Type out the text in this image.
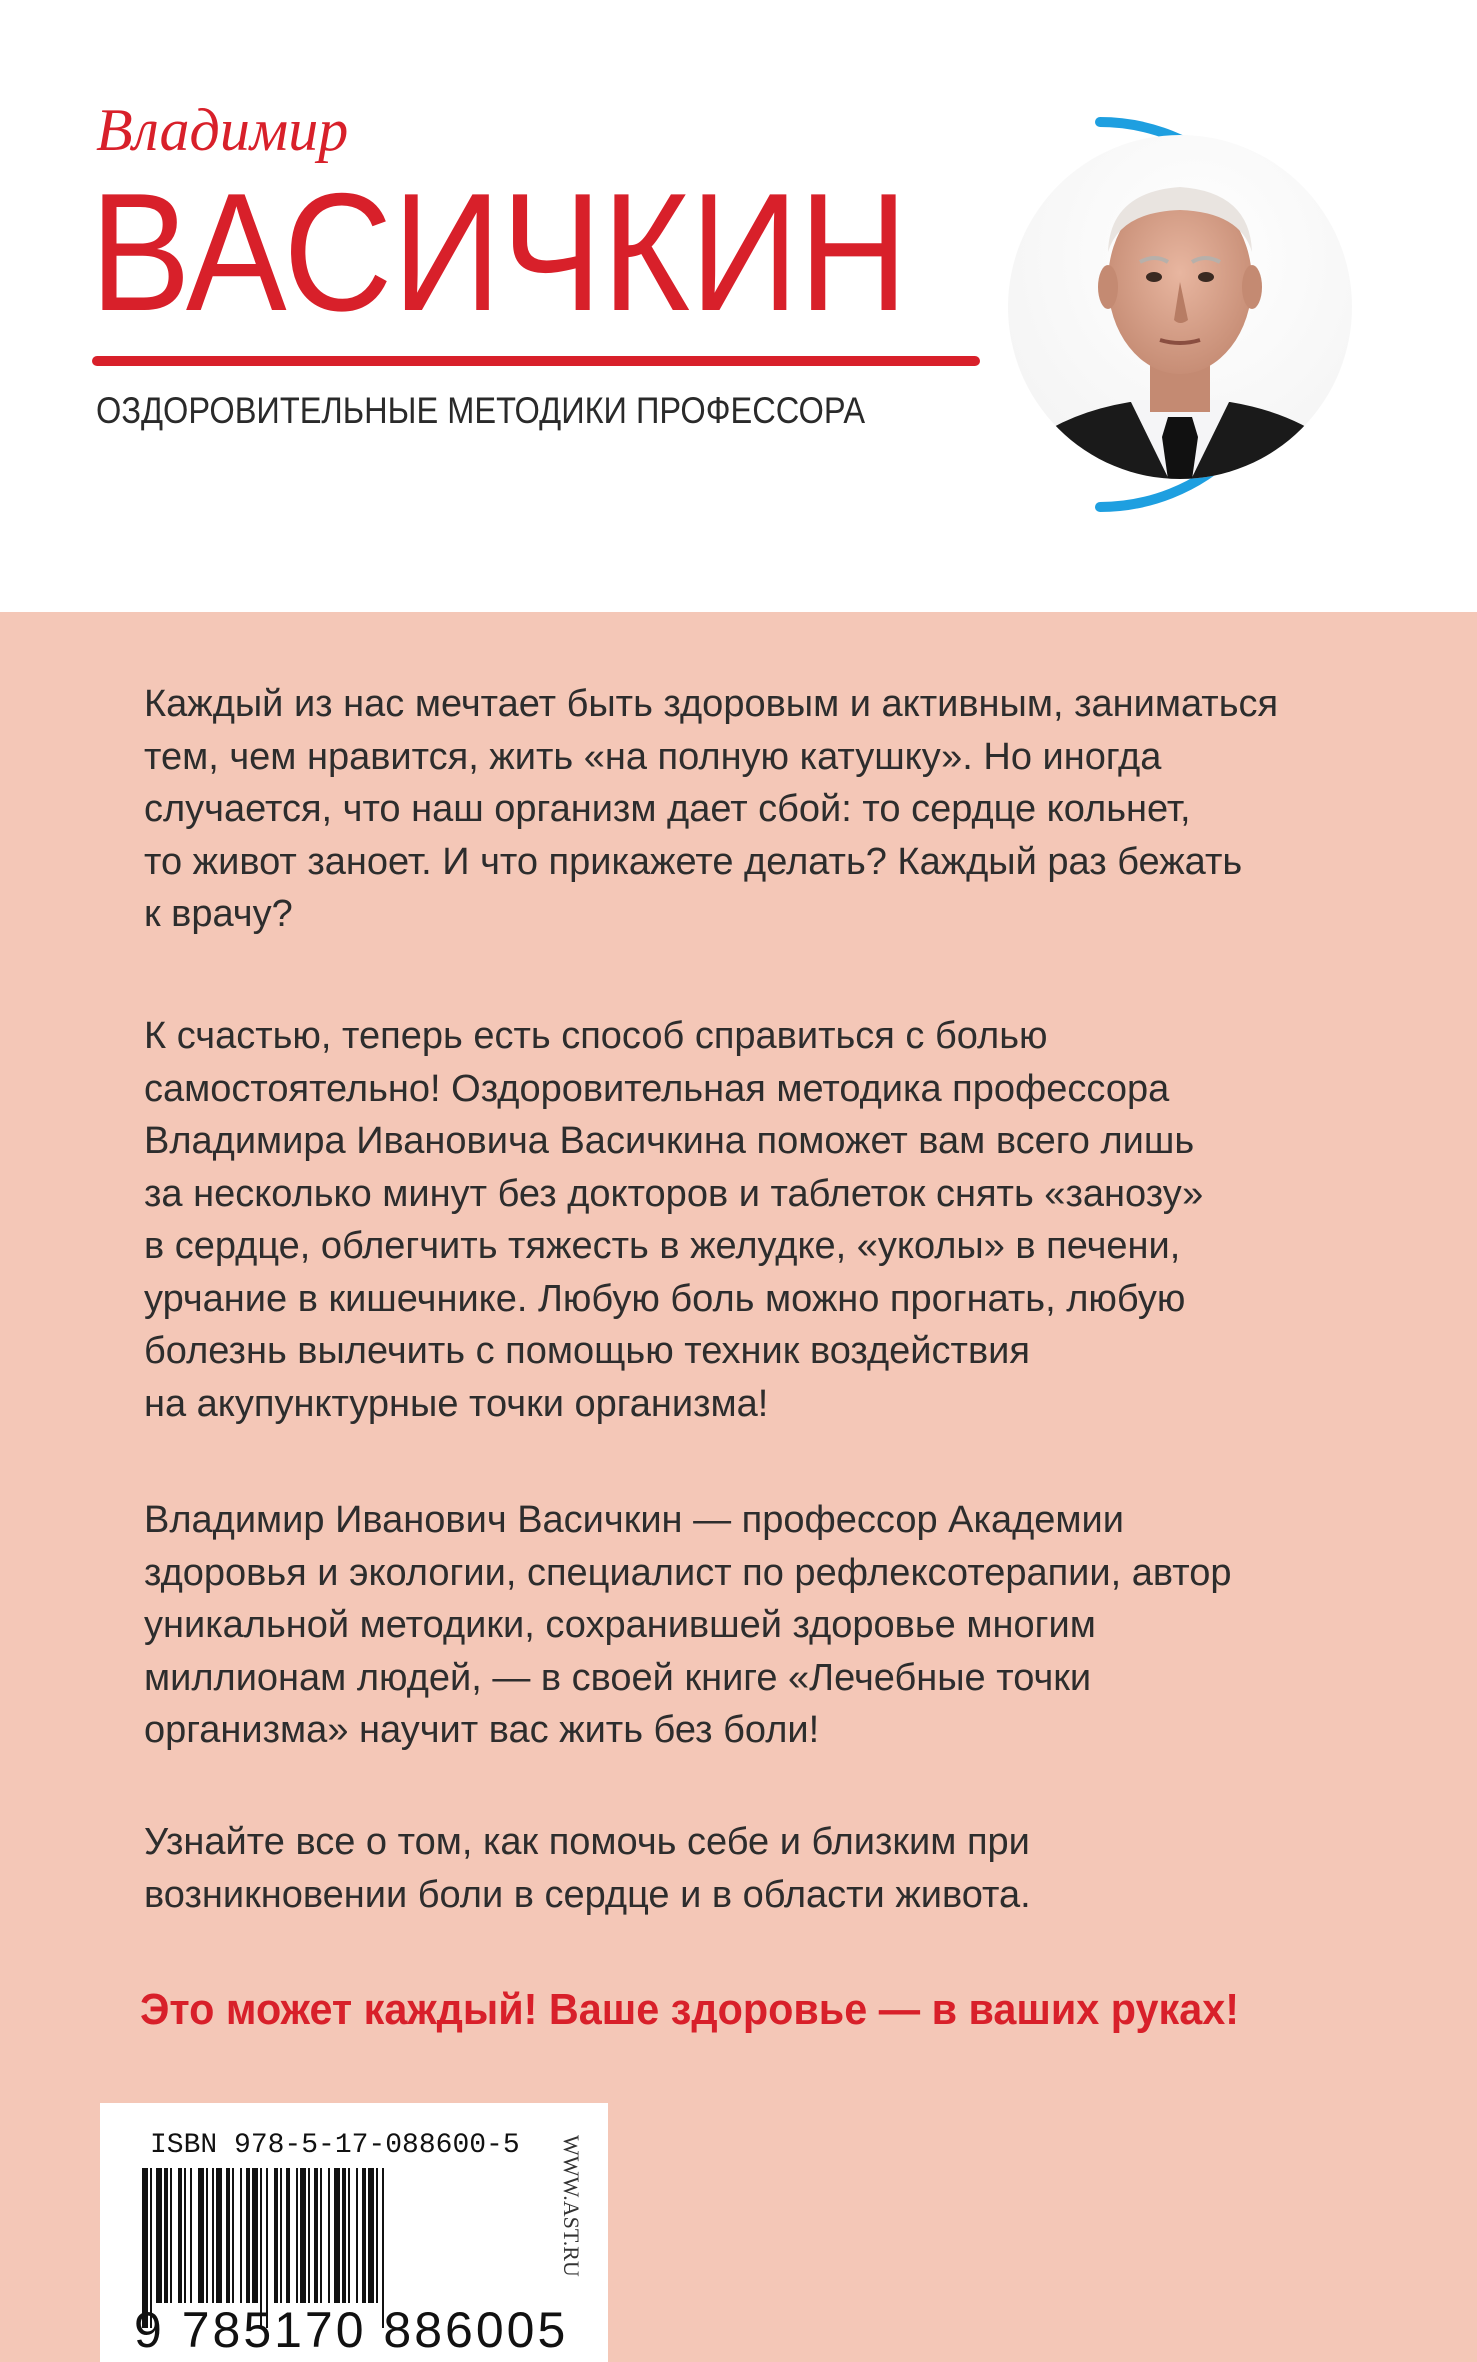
Владимир
ВАСИЧКИН
ОЗДОРОВИТЕЛЬНЫЕ МЕТОДИКИ ПРОФЕССОРА
Каждый из нас мечтает быть здоровым и активным, заниматься
тем, чем нравится, жить «на полную катушку». Но иногда
случается, что наш организм дает сбой: то сердце кольнет,
то живот заноет. И что прикажете делать? Каждый раз бежать
к врачу?
К счастью, теперь есть способ справиться с болью
самостоятельно! Оздоровительная методика профессора
Владимира Ивановича Васичкина поможет вам всего лишь
за несколько минут без докторов и таблеток снять «занозу»
в сердце, облегчить тяжесть в желудке, «уколы» в печени,
урчание в кишечнике. Любую боль можно прогнать, любую
болезнь вылечить с помощью техник воздействия
на акупунктурные точки организма!
Владимир Иванович Васичкин — профессор Академии
здоровья и экологии, специалист по рефлексотерапии, автор
уникальной методики, сохранившей здоровье многим
миллионам людей, — в своей книге «Лечебные точки
организма» научит вас жить без боли!
Узнайте все о том, как помочь себе и близким при
возникновении боли в сердце и в области живота.
Это может каждый! Ваше здоровье — в ваших руках!
ISBN 978-5-17-088600-5
9 785170 886005
WWW.AST.RU
